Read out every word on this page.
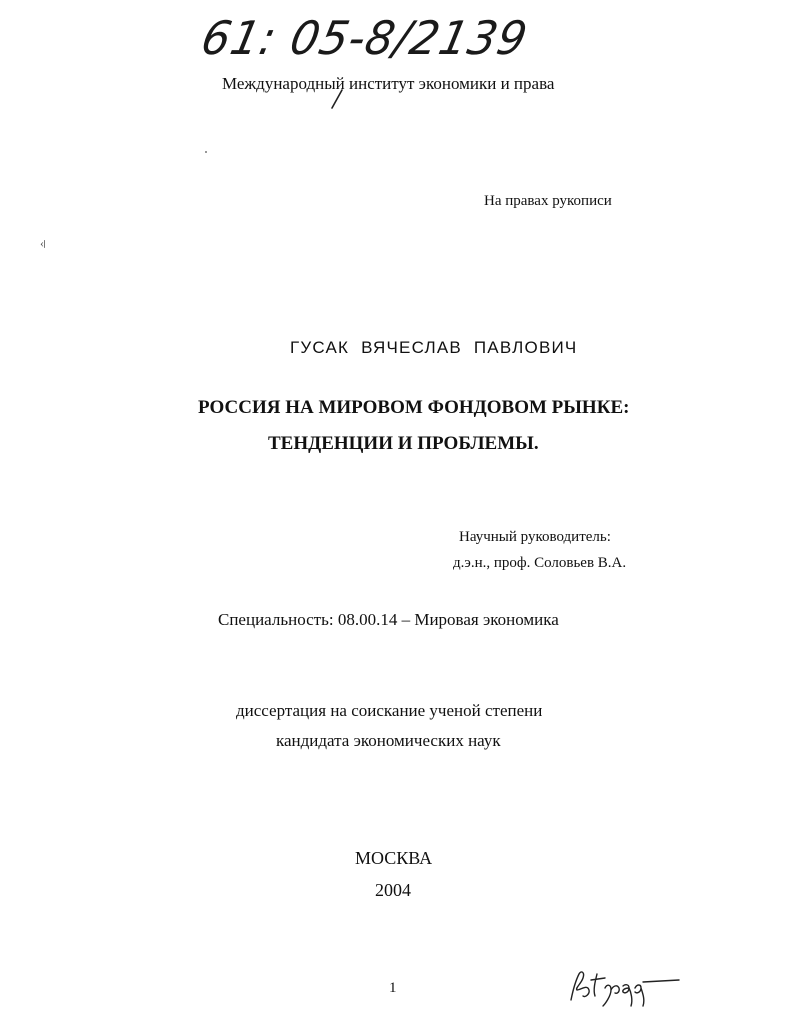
61: 05-8/2139
Международный институт экономики и права
На правах рукописи
‹
ГУСАК ВЯЧЕСЛАВ ПАВЛОВИЧ
РОССИЯ НА МИРОВОМ ФОНДОВОМ РЫНКЕ:
ТЕНДЕНЦИИ И ПРОБЛЕМЫ.
Научный руководитель:
д.э.н., проф. Соловьев В.А.
Специальность: 08.00.14 – Мировая экономика
диссертация на соискание ученой степени
кандидата экономических наук
МОСКВА
2004
1
